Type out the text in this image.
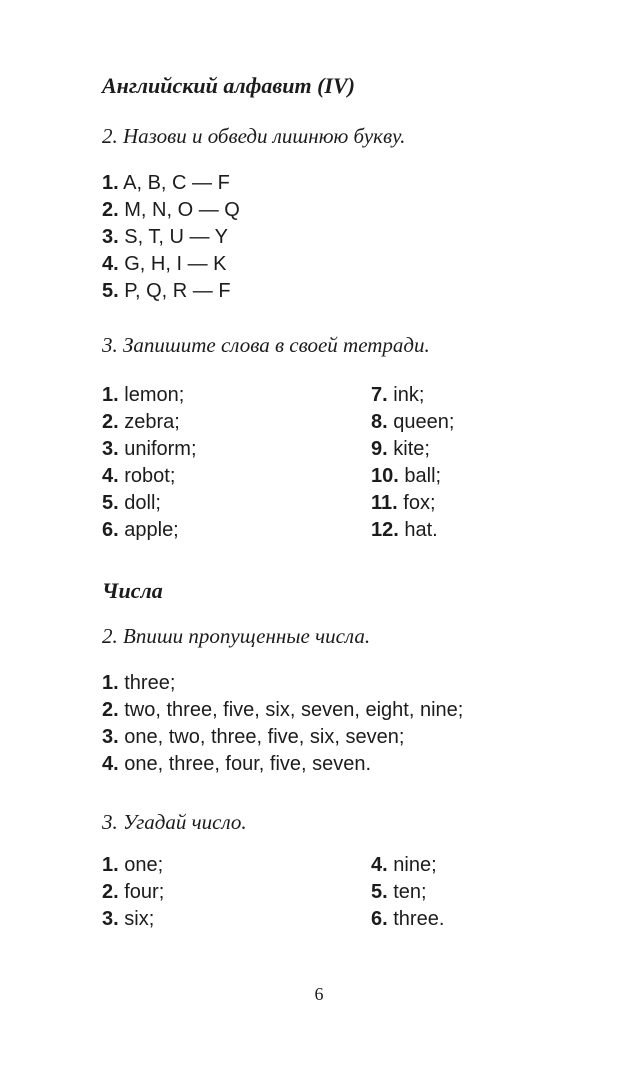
Английский алфавит (IV)

2. Назови и обведи лишнюю букву.

1. A, B, C — F
2. M, N, O — Q
3. S, T, U — Y
4. G, H, I — K
5. P, Q, R — F

3. Запишите слова в своей тетради.

1. lemon;
2. zebra;
3. uniform;
4. robot;
5. doll;
6. apple;
7. ink;
8. queen;
9. kite;
10. ball;
11. fox;
12. hat.
Числа

2. Впиши пропущенные числа.

1. three;
2. two, three, five, six, seven, eight, nine;
3. one, two, three, five, six, seven;
4. one, three, four, five, seven.

3. Угадай число.

1. one;
2. four;
3. six;
4. nine;
5. ten;
6. three.
6
